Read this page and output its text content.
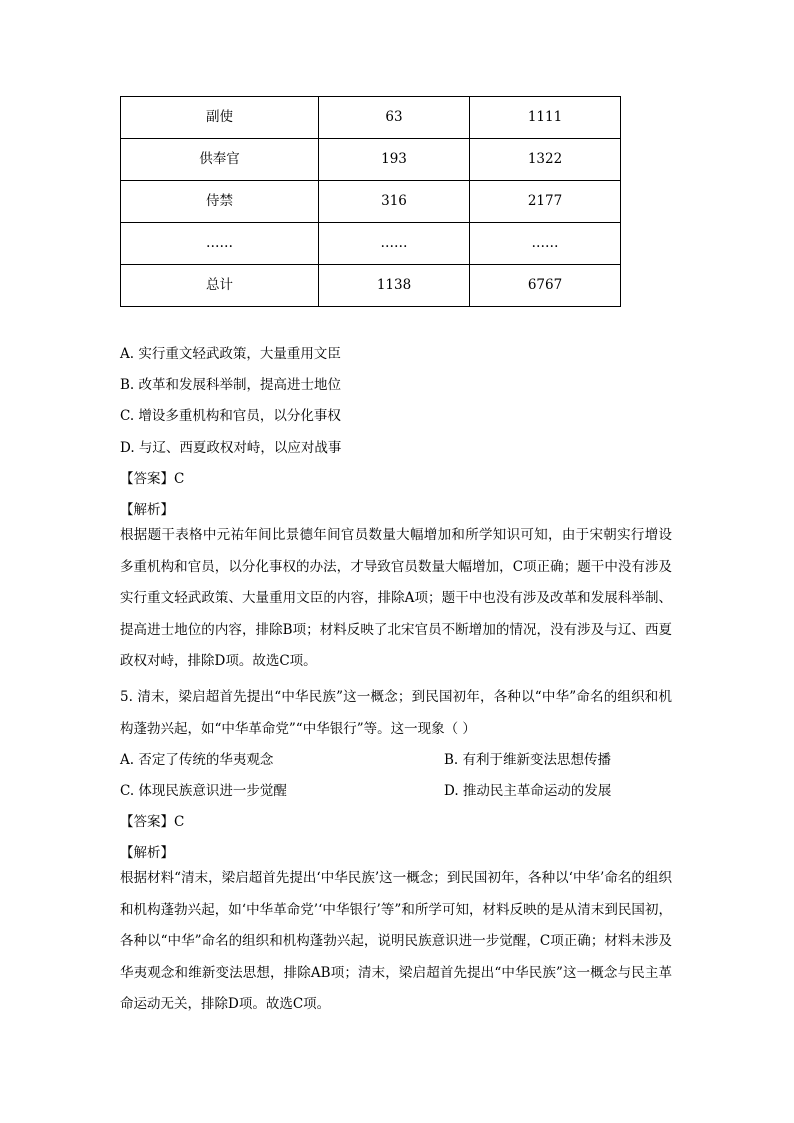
副使	63	1111
供奉官	193	1322
侍禁	316	2177
……	……	……
总计	1138	6767
A. 实行重文轻武政策，大量重用文臣
B. 改革和发展科举制，提高进士地位
C. 增设多重机构和官员，以分化事权
D. 与辽、西夏政权对峙，以应对战事
【答案】C
【解析】

根据题干表格中元祐年间比景德年间官员数量大幅增加和所学知识可知，由于宋朝实行增设多重机构和官员，以分化事权的办法，才导致官员数量大幅增加，C项正确；题干中没有涉及实行重文轻武政策、大量重用文臣的内容，排除A项；题干中也没有涉及改革和发展科举制、提高进士地位的内容，排除B项；材料反映了北宋官员不断增加的情况，没有涉及与辽、西夏政权对峙，排除D项。故选C项。

5. 清末，梁启超首先提出“中华民族”这一概念；到民国初年，各种以“中华”命名的组织和机构蓬勃兴起，如“中华革命党”“中华银行”等。这一现象（ ）

A. 否定了传统的华夷观念	B. 有利于维新变法思想传播
C. 体现民族意识进一步觉醒	D. 推动民主革命运动的发展
【答案】C
【解析】

根据材料“清末，梁启超首先提出‘中华民族’这一概念；到民国初年，各种以‘中华’命名的组织和机构蓬勃兴起，如‘中华革命党’‘中华银行’等”和所学可知，材料反映的是从清末到民国初，各种以“中华”命名的组织和机构蓬勃兴起，说明民族意识进一步觉醒，C项正确；材料未涉及华夷观念和维新变法思想，排除AB项；清末，梁启超首先提出“中华民族”这一概念与民主革命运动无关，排除D项。故选C项。
